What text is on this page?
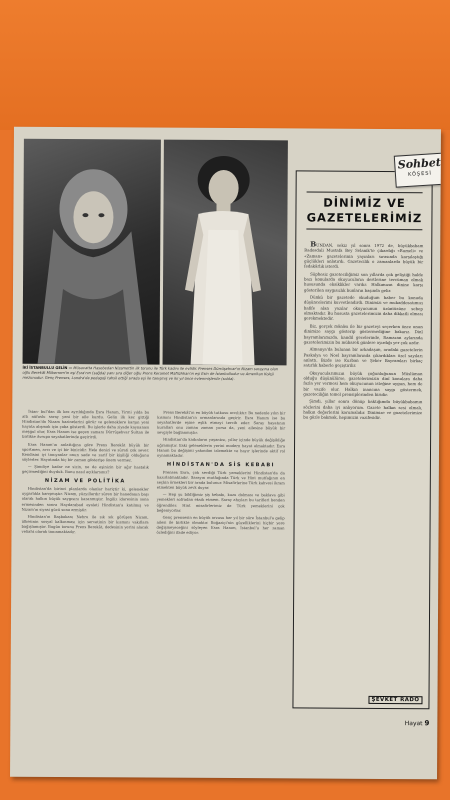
İKİ İSTANBULLU GELİN — Müsavatta Hasebedan Nizamettin ilk torunu ile Türk kadını ile evlidir. Prenses Dürrüşehvar'ın Nizam sarayına olan oğlu Berekât Mükerrem'in eşi Esra'nın (sağda) yanı sıra diğer oğlu Prens Keramet Mafiizhhan'ın eşi Esin de İstanbulludur ve Amerikan Koleji mezunudur. Genç Prenses, Londra'da pedagoji tahsil ettiği sırada eşi ile tanışmış ve iki yıl önce evlenmişlerdir (solda).

İstan- bul'dan ilk kez ayrıldığında Esra Hanım, Yirmi yılda bu altı nüfuslu saray yeni bir aile kurdu. Gelin ilk kez gittiği Hindistan'da Nizam hazinelerini görür ve geleneklere karşın yeni hayata alışmak için çaba gösterdi. Bu işlerle daha ziyade kaynanası meşgul olur, Esra Hanım ise geçen zamanı Dürrüşehvar Sultan ile birlikte Avrupa seyahatlerinde geçirirdi.

Esra Hanım'ın anlattığına göre Prens Berekât büyük bir sportmen, avcı ve iyi bir binicidir. Hele denizi ve sürati çok sever. Kendisini iyi tanıyanlar onun sade ve zarif bir kişiliği olduğunu söylerler. Hayatında hiç bir zaman gösterişe önem vermez.

— Şimdiye kadar ne sizin, ne de eşinizin bir ağır hastalık geçirmediğini duyduk. Bunu nasıl açıklarsınız?

NİZAM VE POLİTİKA

Hindistan'da birinci planlarda olanlar hariçtir ki, gelenekler uygarlıkla karışmıştır. Nizam, yüzyıllardır süren bir hanedanın başı olarak halkın büyük saygısını kazanmıştır. İngiliz idaresinin sona ermesinden sonra Haydarabad eyaleti Hindistan'a katılmış ve Nizam'ın siyasi gücü sona ermiştir.

Hindistan'ın Başbakanı Nehru ile sık sık görüşen Nizam, ülkesinin sosyal kalkınması için servetinin bir kısmını vakıflara bağışlamıştır. Bugün torunu Prens Berekât, dedesinin yerini alacak veliaht olarak tanınmaktadır.

Prens Berekât'ın en büyük tutkusu avcılıktır. Bu nedenle yılın bir kısmını Hindistan'ın ormanlarında geçirir. Esra Hanım ise bu seyahatlerde eşine eşlik etmeyi tercih eder. Saray hayatının kuralları onu zaman zaman yorsa da, yeni ailesine büyük bir sevgiyle bağlanmıştır.

Hindistan'da kadınların yaşantısı, yıllar içinde büyük değişikliğe uğramıştır. Eski geleneklerin yerini modern hayat almaktadır. Esra Hanım bu değişimi yakından izlemekte ve hayır işlerinde aktif rol oynamaktadır.

HİNDİSTAN'DA SİS KEBABI

Prenses Esra, çok sevdiği Türk yemeklerini Hindistan'da da hazırlatmaktadır. Sarayın mutfağında Türk ve Hint mutfağının en seçkin örnekleri bir arada bulunur. Misafirlerine Türk kahvesi ikram etmekten büyük zevk duyar.

— Hep şu bildiğimiz şiş kebabı, kuzu dolması ve baklava gibi yemekleri sofradan eksik etmem. Saray ahçıları bu tarifleri benden öğrendiler. Hint misafirlerimiz de Türk yemeklerini çok beğeniyorlar.

Genç prensesin en büyük arzusu her yıl bir süre İstanbul'a gelip ailesi ile birlikte olmaktır. Boğaziçi'nin güzelliklerini hiçbir yere değişmeyeceğini söyleyen Esra Hanım, İstanbul'u her zaman özlediğini ifade ediyor.

Sohbet
KÖŞESİ
DİNİMİZ VE GAZETELERİMİZ

BUNDAN, sekiz yıl sonra 1972 de, büyükbabam Radosdali Mustafa Bey Selanik'te çıkardığı «Rumeli» ve «Zaman» gazetelerinin yayınları sırasında karşılaştığı güçlükleri anlatırdı. Gazetecilik o zamanlarda büyük bir fedakârlık isterdi.

Süphesiz gazeteciliğimiz son yıllarda çok geliştiği halde bazı konularda okuyucuların dertlerine tercüman olmak hususunda eksiklikler vardır. Halkımızın dinine karşı gösterilen saygısızlık bunların başında gelir.

Dünkü bir gazetede okuduğum haber bu konuda düşüncelerimi kuvvetlendirdi. Dinimizi ve mukaddesatımızı hafife alan yazılar okuyucunun üzüntüsüne sebep olmaktadır. Bu hususta gazetelerimizin daha dikkatli olması gerekmektedir.

Biz, gerçek mânâsı ile bir gazeteyi seçerken önce onun dinimize saygı gösterip göstermediğine bakarız. Dinî bayramlarımızda, kandil gecelerinde, Ramazan aylarında gazetelerimizin bu mübarek günlere ayırdığı yer çok azdır.

Almanya'da bulunan bir arkadaşım, oradaki gazetelerin Paskalya ve Noel bayramlarında çıkardıkları özel sayıları anlattı. Bizde ise Kurban ve Şeker Bayramları birkaç satırlık haberle geçiştirilir.

Okuyucularımızın büyük çoğunluğunun Müslüman olduğu düşünülürse, gazetelerimizin dinî konulara daha fazla yer vermesi hem okuyucunun isteğine uygun, hem de bir vazife olur. Halkın inancına saygı göstermek, gazeteciliğin temel prensiplerinden biridir.

Şimdi, yıllar sonra dönüp baktığımda büyükbabamın sözlerini daha iyi anlıyorum. Gazete halkın sesi olmalı, halkın değerlerini korumalıdır. Dinimize ve gazetelerimize bu gözle bakmak, hepimizin vazifesidir.

ŞEVKET RADO
Hayat 9
